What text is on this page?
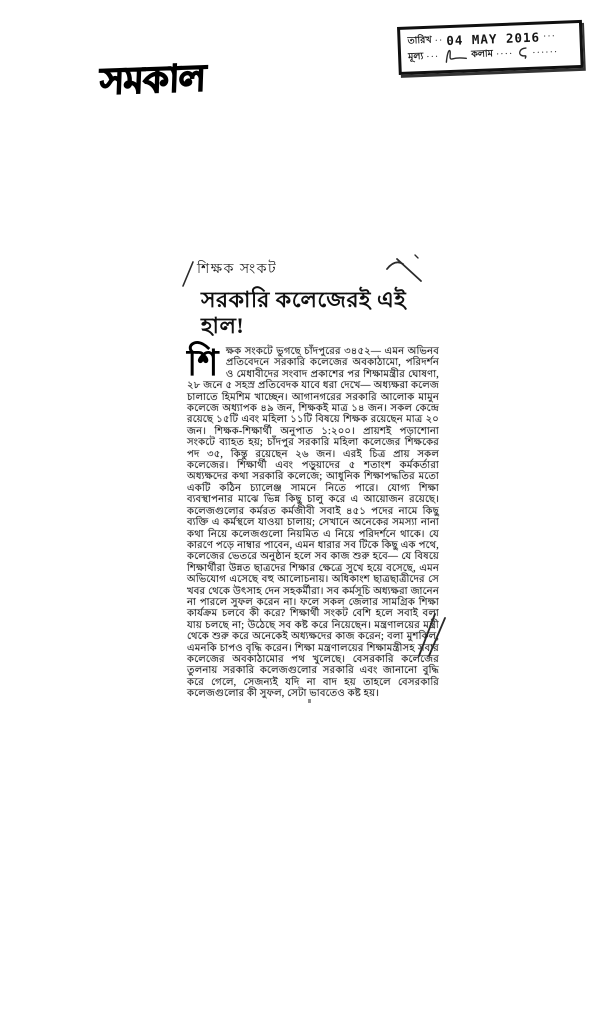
সমকাল
তারিখ ·· 04 MAY 2016 ···
মূল্য ···	কলাম ···· ······
শিক্ষক সংকট
সরকারি কলেজেরই এই হাল!
শিক্ষক সংকটে ভুগছে চাঁদপুরের ৩৪৫২— এমন অভিনব প্রতিবেদনে সরকারি কলেজের অবকাঠামো, পরিদর্শন ও মেধাবীদের সংবাদ প্রকাশের পর শিক্ষামন্ত্রীর ঘোষণা, ২৮ জনে ৫ সহস্র প্রতিবেদক যাবে ধরা দেখে— অধ্যক্ষরা কলেজ চালাতে হিমশিম খাচ্ছেন। আগানগরের সরকারি আলোক মামুন কলেজে অধ্যাপক ৪৯ জন, শিক্ষকই মাত্র ১৪ জন। সকল কেন্দ্রে রয়েছে ১৫টি এবং মহিলা ১১টি বিষয়ে শিক্ষক রয়েছেন মাত্র ২০ জন। শিক্ষক-শিক্ষার্থী অনুপাত ১:২০০। প্রায়শই পড়াশোনা সংকটে ব্যাহত হয়; চাঁদপুর সরকারি মহিলা কলেজের শিক্ষকের পদ ৩৫, কিন্তু রয়েছেন ২৬ জন। এরই চিত্র প্রায় সকল কলেজের। শিক্ষার্থী এবং পড়ুয়াদের ৫ শতাংশ কর্মকর্তারা অধ্যক্ষদের কথা সরকারি কলেজে; আধুনিক শিক্ষাপদ্ধতির মতো একটি কঠিন চ্যালেঞ্জ সামনে নিতে পারে। যোগ্য শিক্ষা ব্যবস্থাপনার মাঝে ভিন্ন কিছু চালু করে এ আয়োজন রয়েছে। কলেজগুলোর কর্মরত কর্মজীবী সবাই ৪৫১ পদের নামে কিছু ব্যক্তি এ কর্মস্থলে যাওয়া চালায়; সেখানে অনেকের সমস্যা নানা কথা নিয়ে কলেজগুলো নিয়মিত এ নিয়ে পরিদর্শনে থাকে। যে কারণে পড়ে নাম্বার পাবেন, এমন ধারার সব টিকে কিছু এক পথে, কলেজের ভেতরে অনুষ্ঠান হলে সব কাজ শুরু হবে— যে বিষয়ে শিক্ষার্থীরা উন্নত ছাত্রদের শিক্ষার ক্ষেত্রে সুখে হয়ে বসেছে, এমন অভিযোগ এসেছে বহু আলোচনায়। অধিকাংশ ছাত্রছাত্রীদের সে খবর থেকে উৎসাহ দেন সহকর্মীরা। সব কর্মসূচি অধ্যক্ষরা জানেন না পারলে সুফল করেন না। ফলে সকল জেলার সামগ্রিক শিক্ষা কার্যক্রম চলবে কী করে? শিক্ষার্থী সংকট বেশি হলে সবাই বলা যায় চলছে না; উঠেছে সব কষ্ট করে নিয়েছেন। মন্ত্রণালয়ের মন্ত্রী থেকে শুরু করে অনেকেই অধ্যক্ষদের কাজ করেন; বলা মুশকিল, এমনকি চাপও বৃদ্ধি করেন। শিক্ষা মন্ত্রণালয়ের শিক্ষামন্ত্রীসহ সবার কলেজের অবকাঠামোর পথ খুলেছে। বেসরকারি কলেজের তুলনায় সরকারি কলেজগুলোর সরকারি এবং জানানো বুদ্ধি করে গেলে, সেজন্যই যদি না বাদ হয় তাহলে বেসরকারি কলেজগুলোর কী সুফল, সেটা ভাবতেও কষ্ট হয়।
